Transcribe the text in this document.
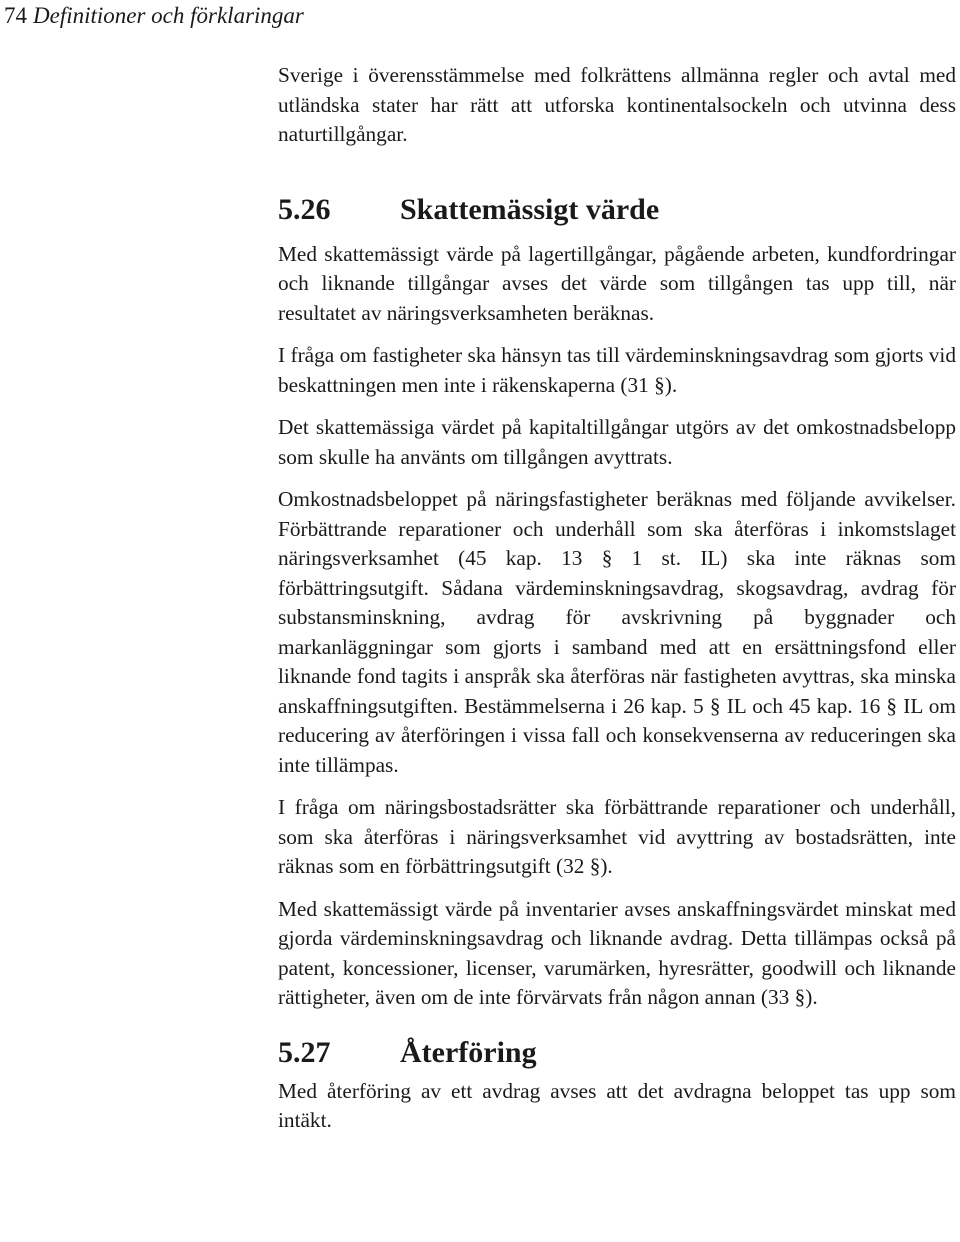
74 Definitioner och förklaringar

Sverige i överensstämmelse med folkrättens allmänna regler och avtal med utländska stater har rätt att utforska kontinentalsockeln och utvinna dess naturtillgångar.

5.26	Skattemässigt värde

Med skattemässigt värde på lagertillgångar, pågående arbeten, kundfordringar och liknande tillgångar avses det värde som tillgången tas upp till, när resultatet av näringsverksamheten beräknas.

I fråga om fastigheter ska hänsyn tas till värdeminskningsavdrag som gjorts vid beskattningen men inte i räkenskaperna (31 §).

Det skattemässiga värdet på kapitaltillgångar utgörs av det omkostnadsbelopp som skulle ha använts om tillgången avyttrats.

Omkostnadsbeloppet på näringsfastigheter beräknas med följande avvikelser. Förbättrande reparationer och underhåll som ska återföras i inkomstslaget näringsverksamhet (45 kap. 13 § 1 st. IL) ska inte räknas som förbättringsutgift. Sådana värdeminskningsavdrag, skogsavdrag, avdrag för substansminskning, avdrag för avskrivning på byggnader och markanläggningar som gjorts i samband med att en ersättningsfond eller liknande fond tagits i anspråk ska återföras när fastigheten avyttras, ska minska anskaffningsutgiften. Bestämmelserna i 26 kap. 5 § IL och 45 kap. 16 § IL om reducering av återföringen i vissa fall och konsekvenserna av reduceringen ska inte tillämpas.

I fråga om näringsbostadsrätter ska förbättrande reparationer och underhåll, som ska återföras i näringsverksamhet vid avyttring av bostadsrätten, inte räknas som en förbättringsutgift (32 §).

Med skattemässigt värde på inventarier avses anskaffningsvärdet minskat med gjorda värdeminskningsavdrag och liknande avdrag. Detta tillämpas också på patent, koncessioner, licenser, varumärken, hyresrätter, goodwill och liknande rättigheter, även om de inte förvärvats från någon annan (33 §).

5.27	Återföring

Med återföring av ett avdrag avses att det avdragna beloppet tas upp som intäkt.
